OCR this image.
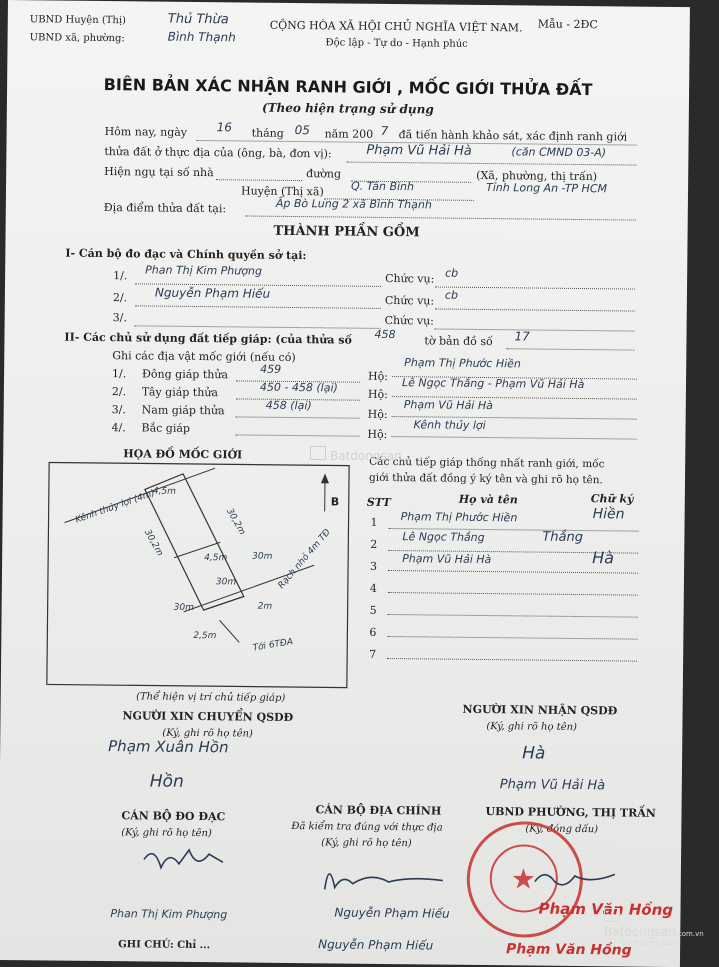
UBND Huyện (Thị)	Thủ Thừa
UBND xã, phường:	Bình Thạnh
CỘNG HÒA XÃ HỘI CHỦ NGHĨA VIỆT NAM. Mẫu - 2ĐC
Độc lập - Tự do - Hạnh phúc
BIÊN BẢN XÁC NHẬN RANH GIỚI , MỐC GIỚI THỬA ĐẤT
(Theo hiện trạng sử dụng
Hôm nay, ngày 16 tháng 05 năm 200 7 đã tiến hành khảo sát, xác định ranh giới
thửa đất ở thực địa của (ông, bà, đơn vị):	Phạm Vũ Hải Hà	(căn CMND 03-A)
Hiện ngụ tại số nhà	đường	(Xã, phường, thị trấn)
Huyện (Thị xã) Q. Tân Bình	Tỉnh Long An -TP HCM
Địa điểm thửa đất tại:	Ấp Bò Lung 2 xã Bình Thạnh
THÀNH PHẦN GỒM
I- Cán bộ đo đạc và Chính quyền sở tại:
1/. Phan Thị Kim Phượng
Chức vụ: cb
2/. Nguyễn Phạm Hiếu	Chức vụ: cb
3/.	Chức vụ:
II- Các chủ sử dụng đất tiếp giáp: (của thửa số 458	tờ bản đồ số 17
Ghi các địa vật mốc giới (nếu có)
1/. Đông giáp thửa	459
Hộ:
Phạm Thị Phước Hiền
2/. Tây giáp thửa	450 - 458 (lại)	Hộ:
Lê Ngọc Thắng - Phạm Vũ Hải Hà
3/. Nam giáp thửa	458 (lại)
Hộ:
Phạm Vũ Hải Hà
4/. Bắc giáp	Hộ:
Kênh thủy lợi
HỌA ĐỒ MỐC GIỚI
Kênh thủy lợi (4m)
Rạch nhỏ 4m TĐ
Tới 6TĐA
4,5m
30,2m
30,2m
4,5m	30m
30m
30m	2m
2,5m
B
(Thể hiện vị trí chủ tiếp giáp)
Các chủ tiếp giáp thống nhất ranh giới, mốc
giới thửa đất đồng ý ký tên và ghi rõ họ tên.
STT	Họ và tên	Chữ ký
1 Phạm Thị Phước Hiền	Hiền
2
Lê Ngọc Thắng	Thắng
3
Phạm Vũ Hải Hà	Hà
4
5
6
7
NGƯỜI XIN CHUYỂN QSDĐ
(Ký, ghi rõ họ tên)
Phạm Xuân Hồn
Hồn
NGƯỜI XIN NHẬN QSDĐ
(Ký, ghi rõ họ tên)
Hà
Phạm Vũ Hải Hà
CÁN BỘ ĐO ĐẠC
(Ký, ghi rõ họ tên)
Phan Thị Kim Phượng
CÁN BỘ ĐỊA CHÍNH
Đã kiểm tra đúng với thực địa
(Ký, ghi rõ họ tên)
Nguyễn Phạm Hiếu
UBND PHƯỜNG, THỊ TRẤN
(Ký, đóng dấu)
★
Phạm Văn Hồng
GHI CHÚ: Chỉ ...	Nguyễn Phạm Hiếu	Phạm Văn Hồng
Batdongsan
Batdongsan.com.vn
by PropertyGuru
